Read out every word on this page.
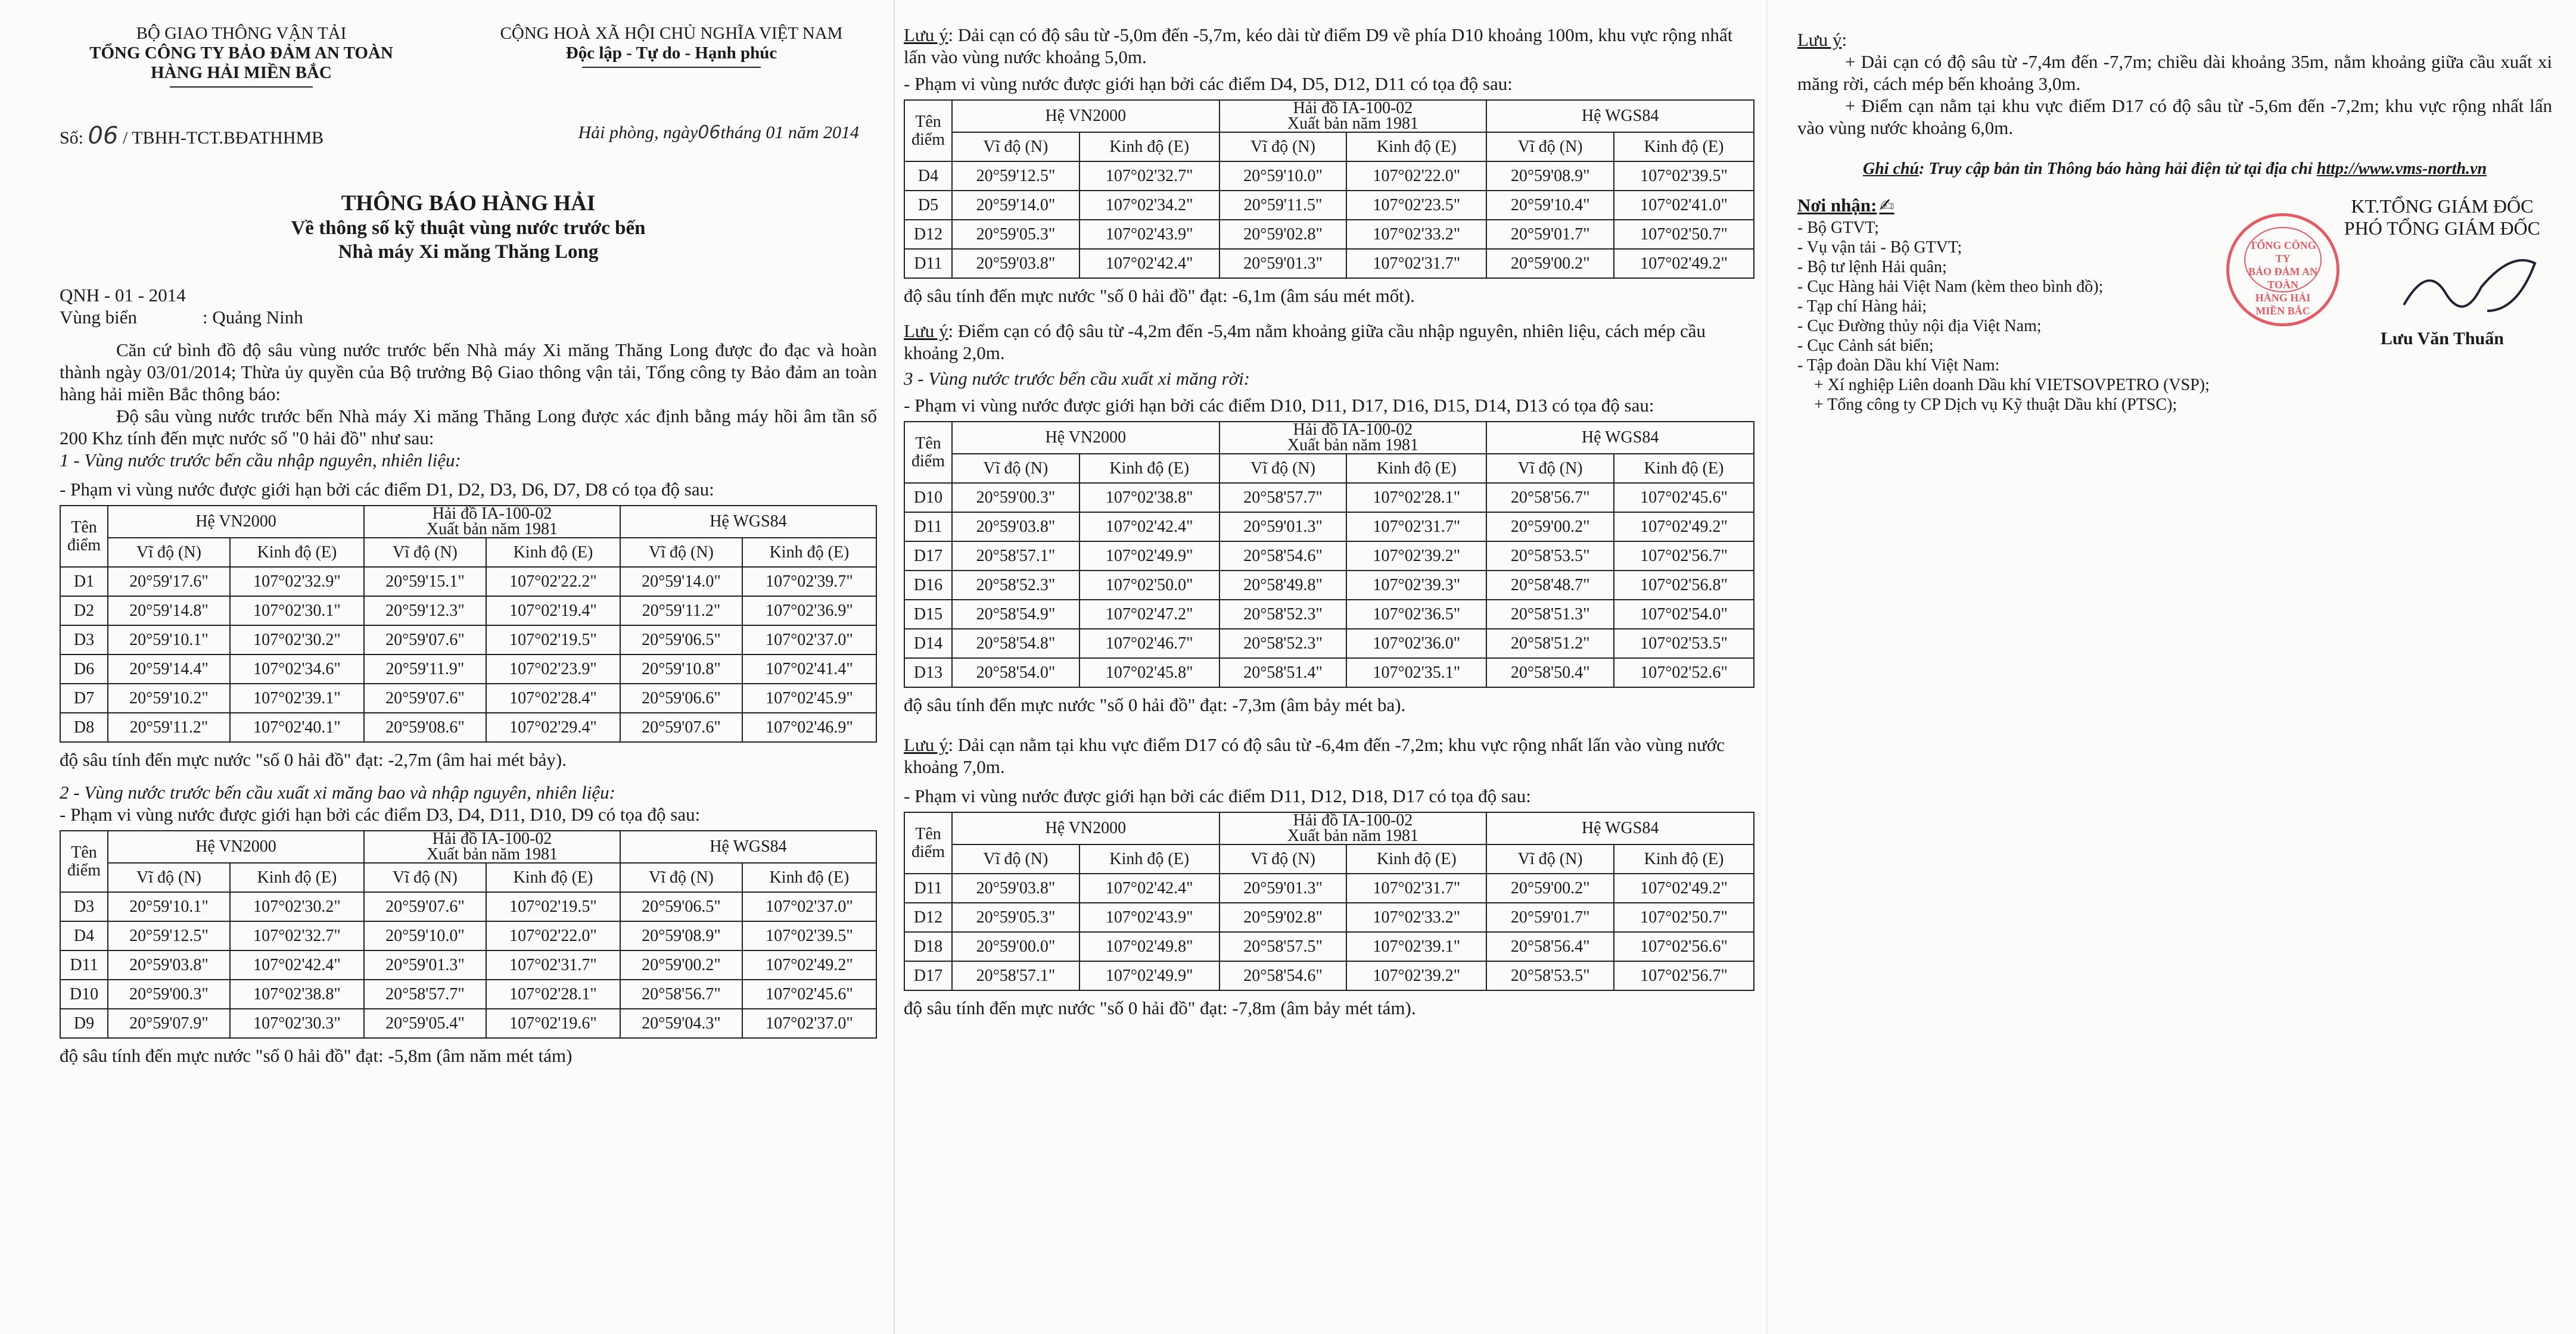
BỘ GIAO THÔNG VẬN TẢI
TỔNG CÔNG TY BẢO ĐẢM AN TOÀN
HÀNG HẢI MIỀN BẮC
CỘNG HOÀ XÃ HỘI CHỦ NGHĨA VIỆT NAM
Độc lập - Tự do - Hạnh phúc
Số: 06 / TBHH-TCT.BĐATHHMB	Hải phòng, ngày06tháng 01 năm 2014
THÔNG BÁO HÀNG HẢI
Về thông số kỹ thuật vùng nước trước bến
Nhà máy Xi măng Thăng Long

QNH - 01 - 2014

Vùng biển	: Quảng Ninh

Căn cứ bình đồ độ sâu vùng nước trước bến Nhà máy Xi măng Thăng Long được đo đạc và hoàn thành ngày 03/01/2014; Thừa ủy quyền của Bộ trưởng Bộ Giao thông vận tải, Tổng công ty Bảo đảm an toàn hàng hải miền Bắc thông báo:

Độ sâu vùng nước trước bến Nhà máy Xi măng Thăng Long được xác định bằng máy hồi âm tần số 200 Khz tính đến mực nước số "0 hải đồ" như sau:

1 - Vùng nước trước bến cầu nhập nguyên, nhiên liệu:

- Phạm vi vùng nước được giới hạn bởi các điểm D1, D2, D3, D6, D7, D8 có tọa độ sau:

Tên điểm	Hệ VN2000		Hải đồ IA-100-02
Xuất bản năm 1981		Hệ WGS84	
	Vĩ độ (N)	Kinh độ (E)	Vĩ độ (N)	Kinh độ (E)	Vĩ độ (N)	Kinh độ (E)
D1	20°59'17.6"	107°02'32.9"	20°59'15.1"	107°02'22.2"	20°59'14.0"	107°02'39.7"
D2	20°59'14.8"	107°02'30.1"	20°59'12.3"	107°02'19.4"	20°59'11.2"	107°02'36.9"
D3	20°59'10.1"	107°02'30.2"	20°59'07.6"	107°02'19.5"	20°59'06.5"	107°02'37.0"
D6	20°59'14.4"	107°02'34.6"	20°59'11.9"	107°02'23.9"	20°59'10.8"	107°02'41.4"
D7	20°59'10.2"	107°02'39.1"	20°59'07.6"	107°02'28.4"	20°59'06.6"	107°02'45.9"
D8	20°59'11.2"	107°02'40.1"	20°59'08.6"	107°02'29.4"	20°59'07.6"	107°02'46.9"

độ sâu tính đến mực nước "số 0 hải đồ" đạt: -2,7m (âm hai mét bảy).

2 - Vùng nước trước bến cầu xuất xi măng bao và nhập nguyên, nhiên liệu:

- Phạm vi vùng nước được giới hạn bởi các điểm D3, D4, D11, D10, D9 có tọa độ sau:

Tên điểm	Hệ VN2000		Hải đồ IA-100-02
Xuất bản năm 1981		Hệ WGS84	
	Vĩ độ (N)	Kinh độ (E)	Vĩ độ (N)	Kinh độ (E)	Vĩ độ (N)	Kinh độ (E)
D3	20°59'10.1"	107°02'30.2"	20°59'07.6"	107°02'19.5"	20°59'06.5"	107°02'37.0"
D4	20°59'12.5"	107°02'32.7"	20°59'10.0"	107°02'22.0"	20°59'08.9"	107°02'39.5"
D11	20°59'03.8"	107°02'42.4"	20°59'01.3"	107°02'31.7"	20°59'00.2"	107°02'49.2"
D10	20°59'00.3"	107°02'38.8"	20°58'57.7"	107°02'28.1"	20°58'56.7"	107°02'45.6"
D9	20°59'07.9"	107°02'30.3"	20°59'05.4"	107°02'19.6"	20°59'04.3"	107°02'37.0"

độ sâu tính đến mực nước "số 0 hải đồ" đạt: -5,8m (âm năm mét tám)

Lưu ý: Dải cạn có độ sâu từ -5,0m đến -5,7m, kéo dài từ điểm D9 về phía D10 khoảng 100m, khu vực rộng nhất lấn vào vùng nước khoảng 5,0m.

- Phạm vi vùng nước được giới hạn bởi các điểm D4, D5, D12, D11 có tọa độ sau:

Tên điểm	Hệ VN2000		Hải đồ IA-100-02
Xuất bản năm 1981		Hệ WGS84	
	Vĩ độ (N)	Kinh độ (E)	Vĩ độ (N)	Kinh độ (E)	Vĩ độ (N)	Kinh độ (E)
D4	20°59'12.5"	107°02'32.7"	20°59'10.0"	107°02'22.0"	20°59'08.9"	107°02'39.5"
D5	20°59'14.0"	107°02'34.2"	20°59'11.5"	107°02'23.5"	20°59'10.4"	107°02'41.0"
D12	20°59'05.3"	107°02'43.9"	20°59'02.8"	107°02'33.2"	20°59'01.7"	107°02'50.7"
D11	20°59'03.8"	107°02'42.4"	20°59'01.3"	107°02'31.7"	20°59'00.2"	107°02'49.2"

độ sâu tính đến mực nước "số 0 hải đồ" đạt: -6,1m (âm sáu mét mốt).

Lưu ý: Điểm cạn có độ sâu từ -4,2m đến -5,4m nằm khoảng giữa cầu nhập nguyên, nhiên liệu, cách mép cầu khoảng 2,0m.

3 - Vùng nước trước bến cầu xuất xi măng rời:

- Phạm vi vùng nước được giới hạn bởi các điểm D10, D11, D17, D16, D15, D14, D13 có tọa độ sau:

Tên điểm	Hệ VN2000		Hải đồ IA-100-02
Xuất bản năm 1981		Hệ WGS84	
	Vĩ độ (N)	Kinh độ (E)	Vĩ độ (N)	Kinh độ (E)	Vĩ độ (N)	Kinh độ (E)
D10	20°59'00.3"	107°02'38.8"	20°58'57.7"	107°02'28.1"	20°58'56.7"	107°02'45.6"
D11	20°59'03.8"	107°02'42.4"	20°59'01.3"	107°02'31.7"	20°59'00.2"	107°02'49.2"
D17	20°58'57.1"	107°02'49.9"	20°58'54.6"	107°02'39.2"	20°58'53.5"	107°02'56.7"
D16	20°58'52.3"	107°02'50.0"	20°58'49.8"	107°02'39.3"	20°58'48.7"	107°02'56.8"
D15	20°58'54.9"	107°02'47.2"	20°58'52.3"	107°02'36.5"	20°58'51.3"	107°02'54.0"
D14	20°58'54.8"	107°02'46.7"	20°58'52.3"	107°02'36.0"	20°58'51.2"	107°02'53.5"
D13	20°58'54.0"	107°02'45.8"	20°58'51.4"	107°02'35.1"	20°58'50.4"	107°02'52.6"

độ sâu tính đến mực nước "số 0 hải đồ" đạt: -7,3m (âm bảy mét ba).

Lưu ý: Dải cạn nằm tại khu vực điểm D17 có độ sâu từ -6,4m đến -7,2m; khu vực rộng nhất lấn vào vùng nước khoảng 7,0m.

- Phạm vi vùng nước được giới hạn bởi các điểm D11, D12, D18, D17 có tọa độ sau:

Tên điểm	Hệ VN2000		Hải đồ IA-100-02
Xuất bản năm 1981		Hệ WGS84	
	Vĩ độ (N)	Kinh độ (E)	Vĩ độ (N)	Kinh độ (E)	Vĩ độ (N)	Kinh độ (E)
D11	20°59'03.8"	107°02'42.4"	20°59'01.3"	107°02'31.7"	20°59'00.2"	107°02'49.2"
D12	20°59'05.3"	107°02'43.9"	20°59'02.8"	107°02'33.2"	20°59'01.7"	107°02'50.7"
D18	20°59'00.0"	107°02'49.8"	20°58'57.5"	107°02'39.1"	20°58'56.4"	107°02'56.6"
D17	20°58'57.1"	107°02'49.9"	20°58'54.6"	107°02'39.2"	20°58'53.5"	107°02'56.7"

độ sâu tính đến mực nước "số 0 hải đồ" đạt: -7,8m (âm bảy mét tám).

Lưu ý:

+ Dải cạn có độ sâu từ -7,4m đến -7,7m; chiều dài khoảng 35m, nằm khoảng giữa cầu xuất xi măng rời, cách mép bến khoảng 3,0m.

+ Điểm cạn nằm tại khu vực điểm D17 có độ sâu từ -5,6m đến -7,2m; khu vực rộng nhất lấn vào vùng nước khoảng 6,0m.

Ghi chú: Truy cập bản tin Thông báo hàng hải điện tử tại địa chỉ http://www.vms-north.vn

Nơi nhận: ✍
- Bộ GTVT;
- Vụ vận tải - Bộ GTVT;
- Bộ tư lệnh Hải quân;
- Cục Hàng hải Việt Nam (kèm theo bình đồ);
- Tạp chí Hàng hải;
- Cục Đường thủy nội địa Việt Nam;
- Cục Cảnh sát biển;
- Tập đoàn Dầu khí Việt Nam:
+ Xí nghiệp Liên doanh Dầu khí VIETSOVPETRO (VSP);
+ Tổng công ty CP Dịch vụ Kỹ thuật Dầu khí (PTSC);
KT.TỔNG GIÁM ĐỐC
PHÓ TỔNG GIÁM ĐỐC
Lưu Văn Thuấn
TỔNG CÔNG TY
BẢO ĐẢM AN TOÀN
HÀNG HẢI
MIỀN BẮC
